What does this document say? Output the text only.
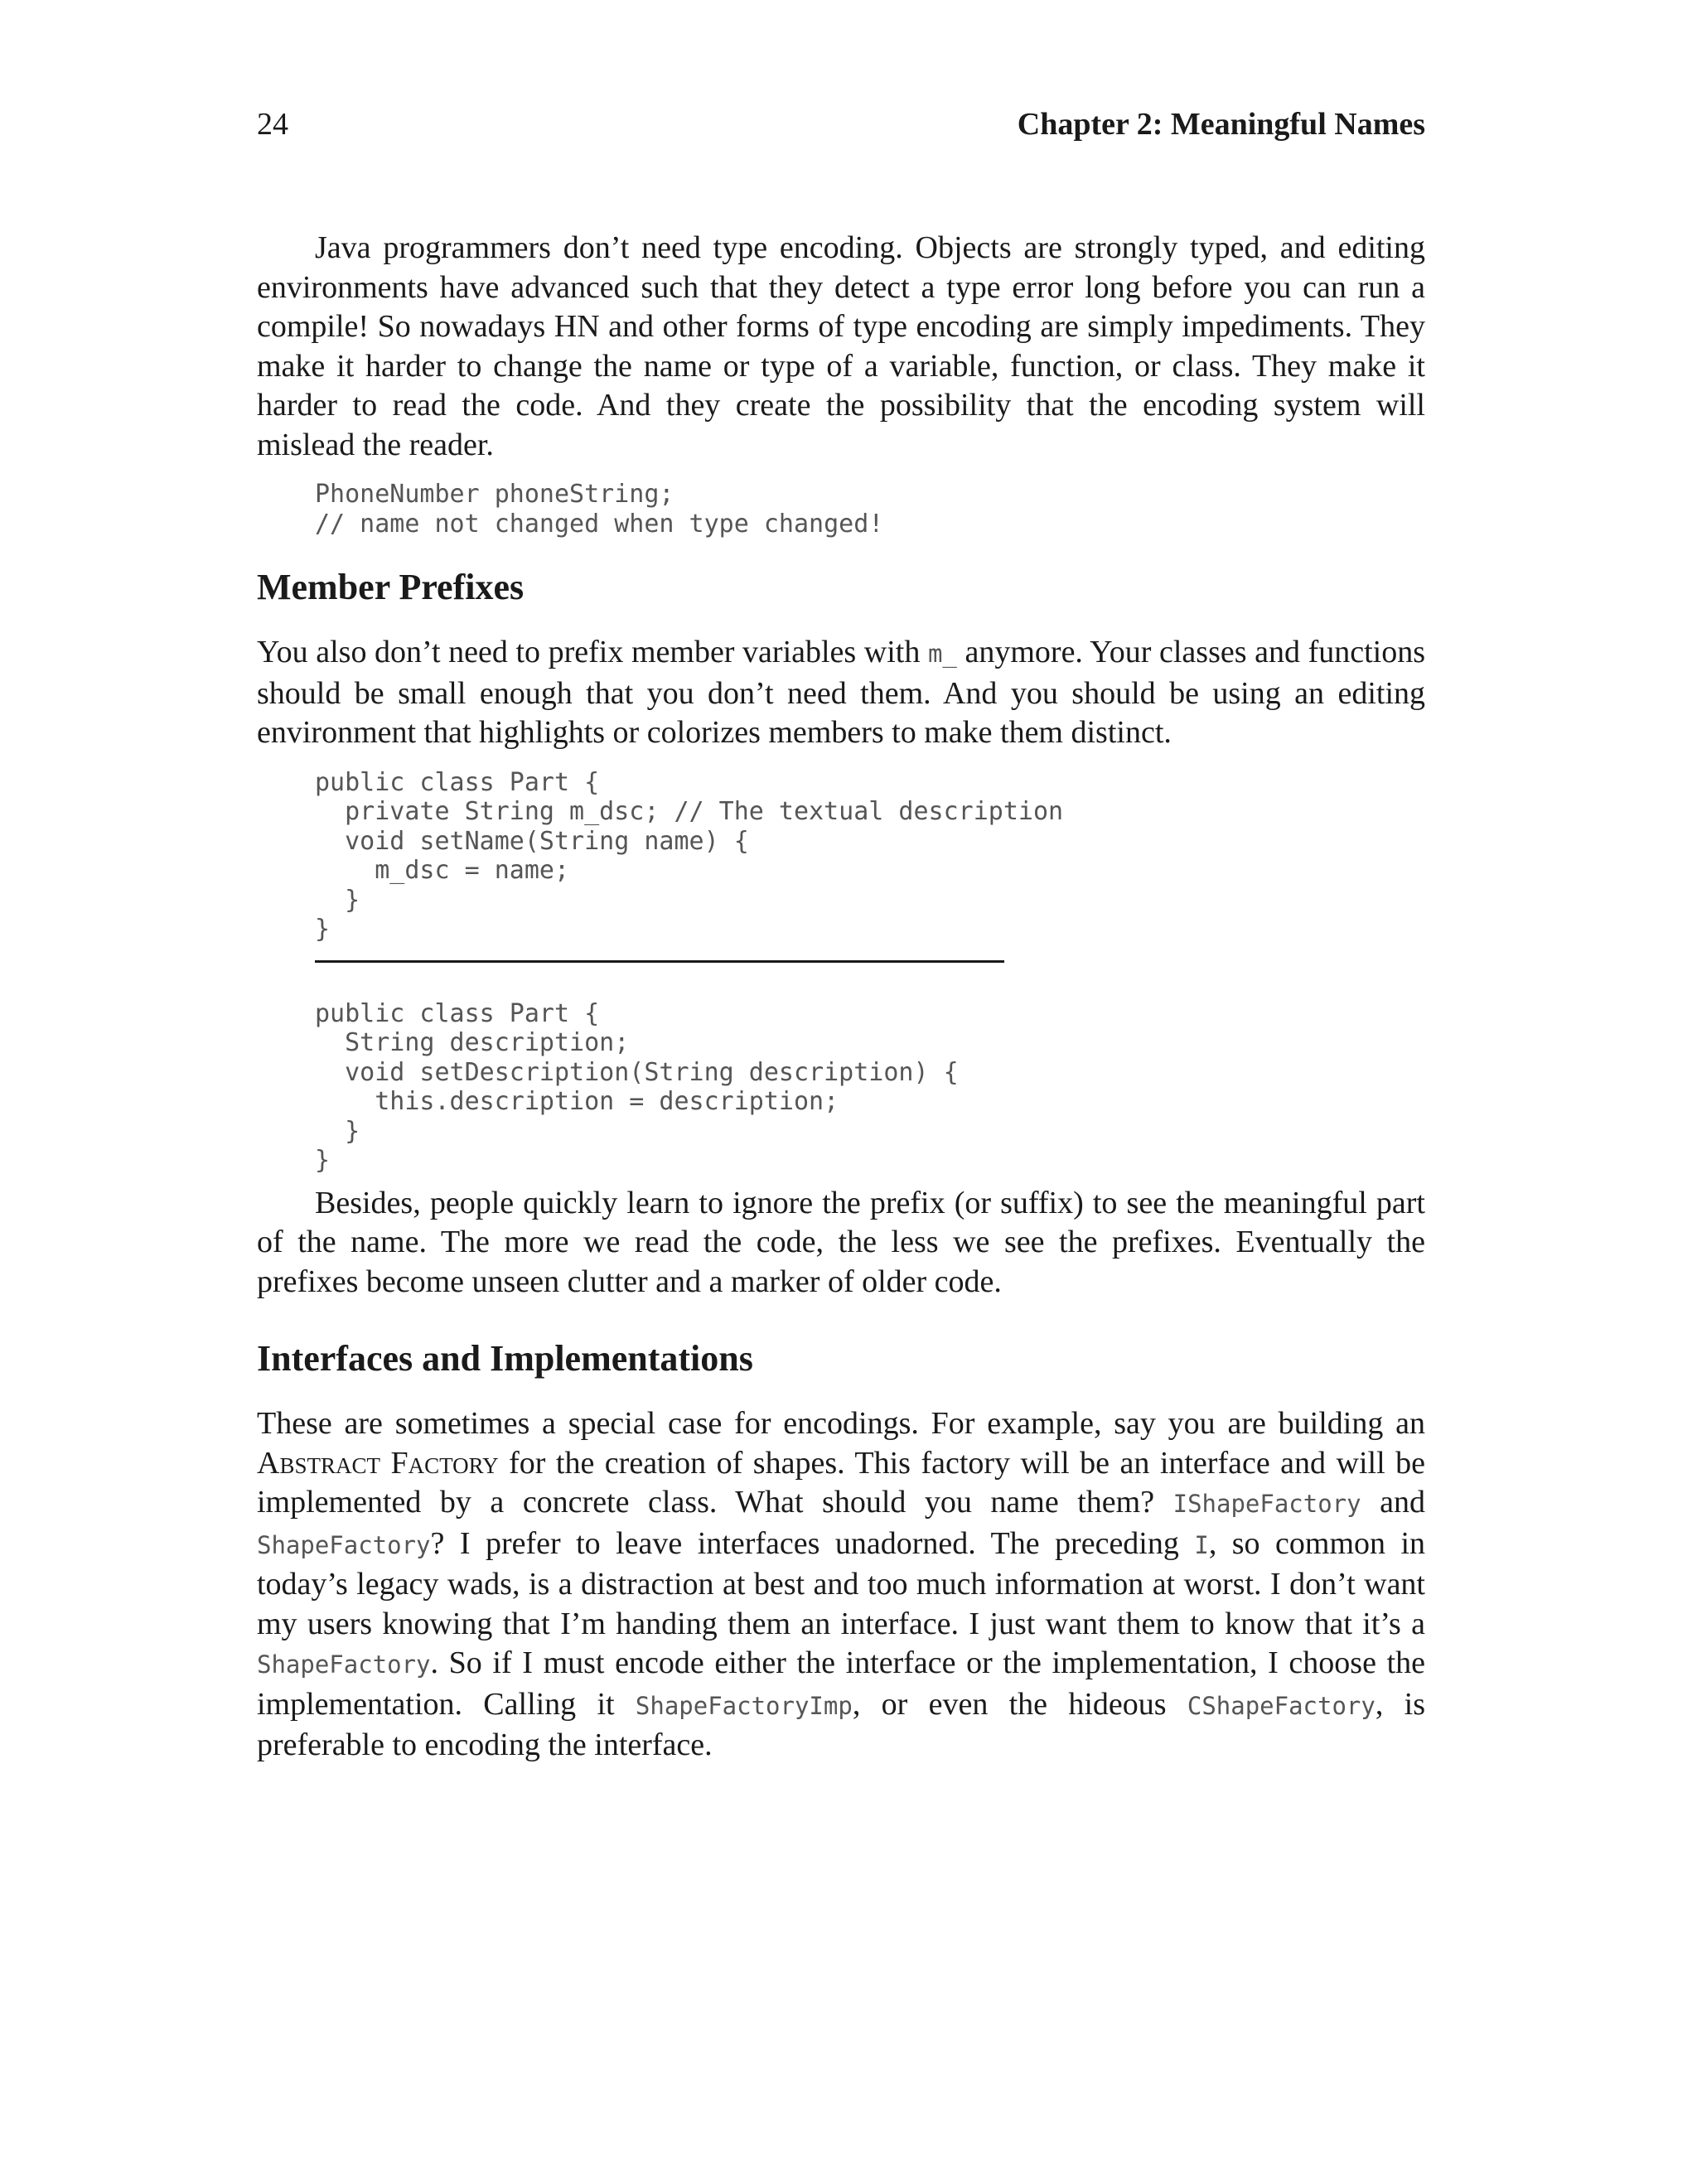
24	Chapter 2: Meaningful Names

Java programmers don’t need type encoding. Objects are strongly typed, and editing environments have advanced such that they detect a type error long before you can run a compile! So nowadays HN and other forms of type encoding are simply impediments. They make it harder to change the name or type of a variable, function, or class. They make it harder to read the code. And they create the possibility that the encoding system will mislead the reader.

PhoneNumber phoneString;
// name not changed when type changed!
Member Prefixes

You also don’t need to prefix member variables with m_ anymore. Your classes and functions should be small enough that you don’t need them. And you should be using an editing environment that highlights or colorizes members to make them distinct.

public class Part {
private String m_dsc; // The textual description
void setName(String name) {
m_dsc = name;
}
}
public class Part {
String description;
void setDescription(String description) {
this.description = description;
}
}

Besides, people quickly learn to ignore the prefix (or suffix) to see the meaningful part of the name. The more we read the code, the less we see the prefixes. Eventually the prefixes become unseen clutter and a marker of older code.

Interfaces and Implementations

These are sometimes a special case for encodings. For example, say you are building an Abstract Factory for the creation of shapes. This factory will be an interface and will be implemented by a concrete class. What should you name them? IShapeFactory and ShapeFactory? I prefer to leave interfaces unadorned. The preceding I, so common in today’s legacy wads, is a distraction at best and too much information at worst. I don’t want my users knowing that I’m handing them an interface. I just want them to know that it’s a ShapeFactory. So if I must encode either the interface or the implementation, I choose the implementation. Calling it ShapeFactoryImp, or even the hideous CShapeFactory, is preferable to encoding the interface.
